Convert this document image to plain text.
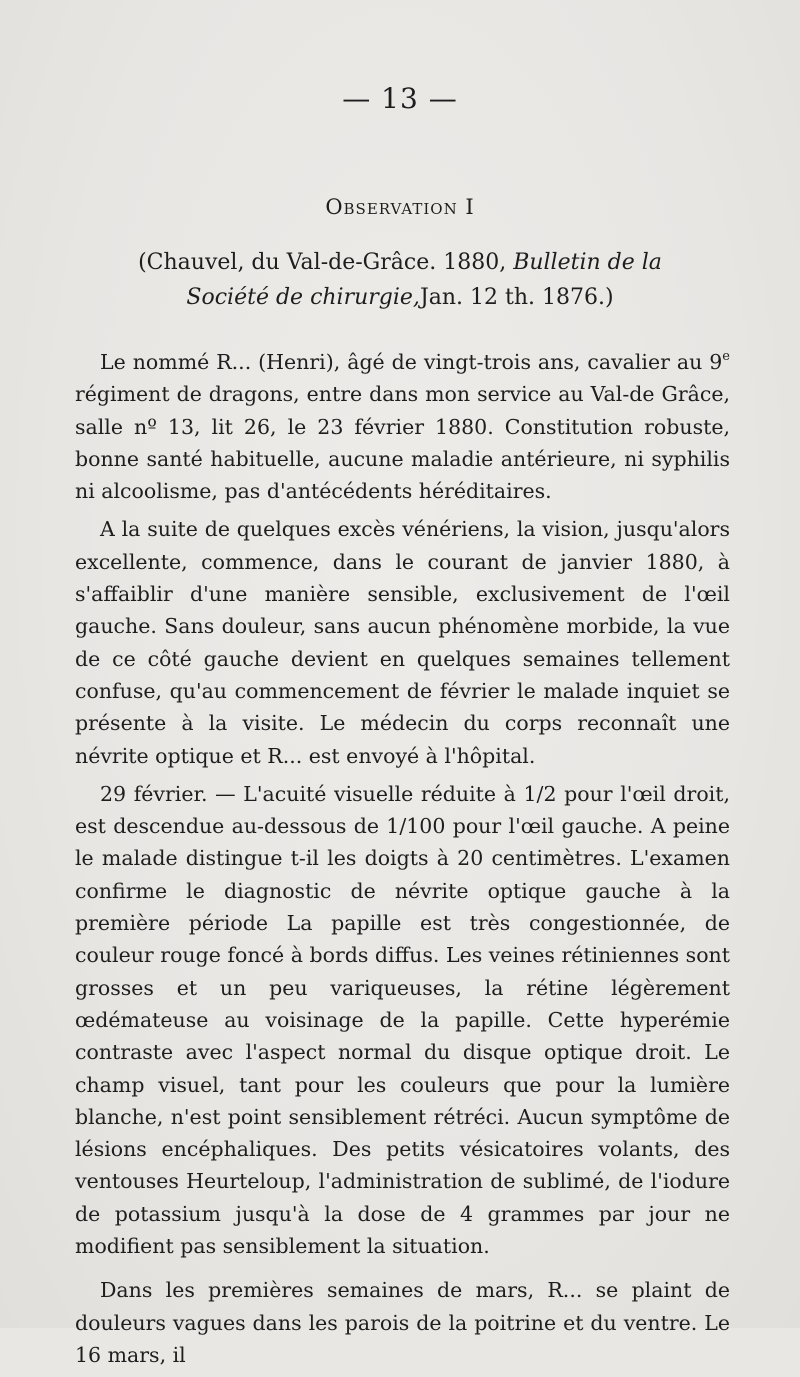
— 13 —
Observation I
(Chauvel, du Val-de-Grâce. 1880, Bulletin de la
Société de chirurgie,Jan. 12 th. 1876.)

Le nommé R... (Henri), âgé de vingt-trois ans, cavalier au 9e régiment de dragons, entre dans mon service au Val-de Grâce, salle nº 13, lit 26, le 23 février 1880. Constitution robuste, bonne santé habituelle, aucune maladie antérieure, ni syphilis ni alcoolisme, pas d'antécédents héréditaires.

A la suite de quelques excès vénériens, la vision, jusqu'alors excellente, commence, dans le courant de janvier 1880, à s'affaiblir d'une manière sensible, exclusivement de l'œil gauche. Sans douleur, sans aucun phénomène morbide, la vue de ce côté gauche devient en quelques semaines tellement confuse, qu'au commencement de février le malade inquiet se présente à la visite. Le médecin du corps reconnaît une névrite optique et R... est envoyé à l'hôpital.

29 février. — L'acuité visuelle réduite à 1/2 pour l'œil droit, est descendue au-dessous de 1/100 pour l'œil gauche. A peine le malade distingue t-il les doigts à 20 centimètres. L'examen confirme le diagnostic de névrite optique gauche à la première période La papille est très congestionnée, de couleur rouge foncé à bords diffus. Les veines rétiniennes sont grosses et un peu variqueuses, la rétine légèrement œdémateuse au voisinage de la papille. Cette hyperémie contraste avec l'aspect normal du disque optique droit. Le champ visuel, tant pour les couleurs que pour la lumière blanche, n'est point sensiblement rétréci. Aucun symptôme de lésions encéphaliques. Des petits vésicatoires volants, des ventouses Heurteloup, l'administration de sublimé, de l'iodure de potassium jusqu'à la dose de 4 grammes par jour ne modifient pas sensiblement la situation.

Dans les premières semaines de mars, R... se plaint de douleurs vagues dans les parois de la poitrine et du ventre. Le 16 mars, il
